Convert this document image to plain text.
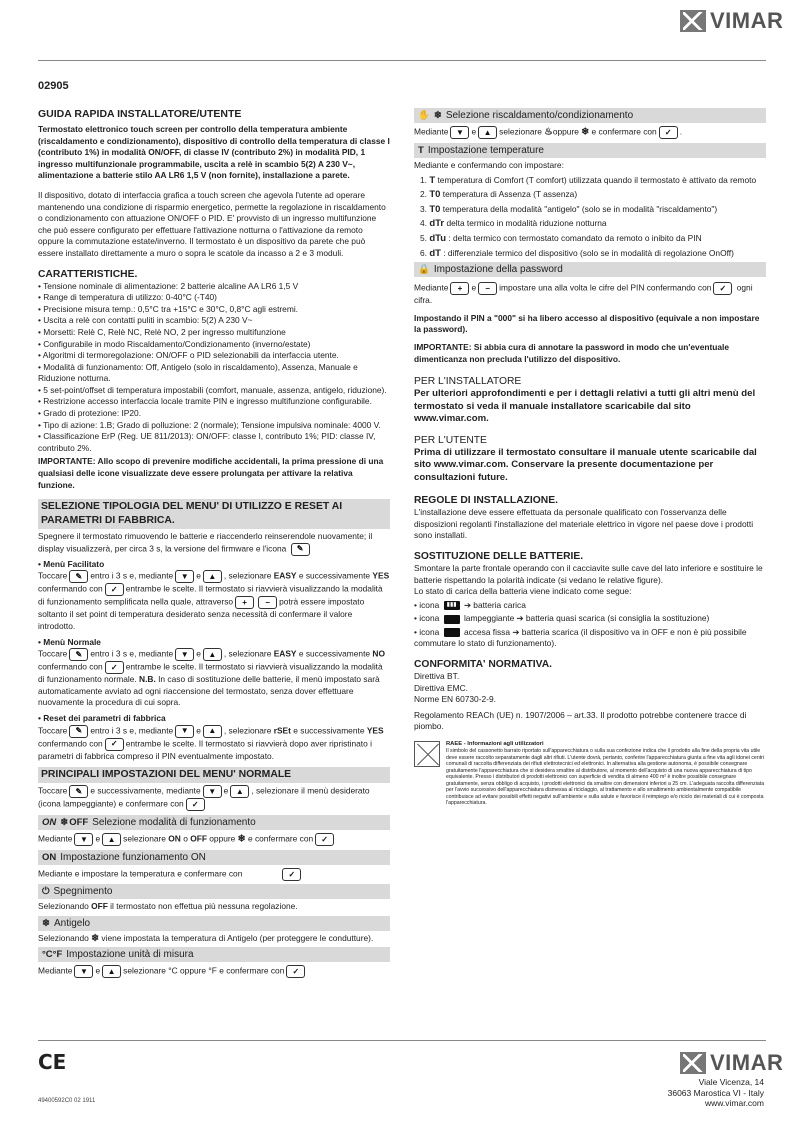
VIMAR
02905
GUIDA RAPIDA INSTALLATORE/UTENTE

Termostato elettronico touch screen per controllo della temperatura ambiente (riscaldamento e condizionamento), dispositivo di controllo della temperatura di classe I (contributo 1%) in modalità ON/OFF, di classe IV (contributo 2%) in modalità PID, 1 ingresso multifunzionale programmabile, uscita a relè in scambio 5(2) A 230 V~, alimentazione a batterie stilo AA LR6 1,5 V (non fornite), installazione a parete.

Il dispositivo, dotato di interfaccia grafica a touch screen che agevola l'utente ad operare mantenendo una condizione di risparmio energetico, permette la regolazione in riscaldamento o condizionamento con attuazione ON/OFF o PID. E' provvisto di un ingresso multifunzione che può essere configurato per effettuare l'attivazione notturna o l'attivazione da remoto oppure la commutazione estate/inverno. Il termostato è un dispositivo da parete che può essere installato direttamente a muro o sopra le scatole da incasso a 2 e 3 moduli.

CARATTERISTICHE.

• Tensione nominale di alimentazione: 2 batterie alcaline AA LR6 1,5 V

• Range di temperatura di utilizzo: 0-40°C (-T40)

• Precisione misura temp.: 0,5°C tra +15°C e 30°C, 0,8°C agli estremi.

• Uscita a relè con contatti puliti in scambio: 5(2) A 230 V~

• Morsetti: Relè C, Relè NC, Relè NO, 2 per ingresso multifunzione

• Configurabile in modo Riscaldamento/Condizionamento (inverno/estate)

• Algoritmi di termoregolazione: ON/OFF o PID selezionabili da interfaccia utente.

• Modalità di funzionamento: Off, Antigelo (solo in riscaldamento), Assenza, Manuale e Riduzione notturna.

• 5 set-point/offset di temperatura impostabili (comfort, manuale, assenza, antigelo, riduzione).

• Restrizione accesso interfaccia locale tramite PIN e ingresso multifunzione configurabile.

• Grado di protezione: IP20.

• Tipo di azione: 1.B; Grado di polluzione: 2 (normale); Tensione impulsiva nominale: 4000 V.

• Classificazione ErP (Reg. UE 811/2013): ON/OFF: classe I, contributo 1%; PID: classe IV, contributo 2%.

IMPORTANTE: Allo scopo di prevenire modifiche accidentali, la prima pressione di una qualsiasi delle icone visualizzate deve essere prolungata per attivare la relativa funzione.

SELEZIONE TIPOLOGIA DEL MENU' DI UTILIZZO E RESET AI PARAMETRI DI FABBRICA.

Spegnere il termostato rimuovendo le batterie e riaccenderlo reinserendole nuovamente; il display visualizzerà, per circa 3 s, la versione del firmware e l'icona ✎

• Menù Facilitato

Toccare ✎ entro i 3 s e, mediante ▼ e ▲ , selezionare EASY e successivamente YES confermando con ✓ entrambe le scelte. Il termostato si riavvierà visualizzando la modalità di funzionamento semplificata nella quale, attraverso + − potrà essere impostato

soltanto il set point di temperatura desiderato senza necessità di confermare il valore introdotto.

• Menù Normale

Toccare ✎ entro i 3 s e, mediante ▼ e ▲ , selezionare EASY e successivamente NO confermando con ✓ entrambe le scelte. Il termostato si riavvierà visualizzando la modalità di funzionamento normale. N.B. In caso di sostituzione delle batterie, il menù impostato sarà automaticamente avviato ad ogni riaccensione del termostato, senza dover effettuare nuovamente la procedura di cui sopra.

• Reset dei parametri di fabbrica

Toccare ✎ entro i 3 s e, mediante ▼ e ▲ , selezionare rSEt e successivamente YES confermando con ✓ entrambe le scelte. Il termostato si riavvierà dopo aver ripristinato i parametri di fabbrica compreso il PIN eventualmente impostato.

PRINCIPALI IMPOSTAZIONI DEL MENU' NORMALE

Toccare ✎ e successivamente, mediante ▼ e ▲ , selezionare il menù desiderato (icona lampeggiante) e confermare con ✓

ON ❄ OFF Selezione modalità di funzionamento

Mediante ▼ e ▲ selezionare ON o OFF oppure ❄ e confermare con ✓

ON Impostazione funzionamento ON

Mediante e impostare la temperatura e confermare con	✓

⏻ Spegnimento

Selezionando OFF il termostato non effettua più nessuna regolazione.

❄ Antigelo

Selezionando ❄ viene impostata la temperatura di Antigelo (per proteggere le condutture).

°C°F Impostazione unità di misura

Mediante ▼ e ▲ selezionare °C oppure °F e confermare con ✓

✋ ❄ Selezione riscaldamento/condizionamento

Mediante ▼ e ▲ selezionare ♨oppure ❄ e confermare con ✓ .

T Impostazione temperature

Mediante e confermando con impostare:

1. T temperatura di Comfort (T comfort) utilizzata quando il termostato è attivato da remoto

2. T0 temperatura di Assenza (T assenza)

3. T0 temperatura della modalità "antigelo" (solo se in modalità "riscaldamento")

4. dTr delta termico in modalità riduzione notturna

5. dTu : delta termico con termostato comandato da remoto o inibito da PIN

6. dT : differenziale termico del dispositivo (solo se in modalità di regolazione OnOff)

🔒 Impostazione della password

Mediante + e − impostare una alla volta le cifre del PIN confermando con ✓ ogni cifra.

Impostando il PIN a "000" si ha libero accesso al dispositivo (equivale a non impostare la password).

IMPORTANTE: Si abbia cura di annotare la password in modo che un'eventuale dimenticanza non precluda l'utilizzo del dispositivo.

PER L'INSTALLATORE

Per ulteriori approfondimenti e per i dettagli relativi a tutti gli altri menù del termostato si veda il manuale installatore scaricabile dal sito www.vimar.com.

PER L'UTENTE

Prima di utilizzare il termostato consultare il manuale utente scaricabile dal sito www.vimar.com. Conservare la presente documentazione per consultazioni future.

REGOLE DI INSTALLAZIONE.

L'installazione deve essere effettuata da personale qualificato con l'osservanza delle disposizioni regolanti l'installazione del materiale elettrico in vigore nel paese dove i prodotti sono installati.

SOSTITUZIONE DELLE BATTERIE.

Smontare la parte frontale operando con il cacciavite sulle cave del lato inferiore e sostituire le batterie rispettando la polarità indicate (si vedano le relative figure).

Lo stato di carica della batteria viene indicato come segue:

• icona ▮▮▮ ➔ batteria carica

• icona	lampeggiante ➔ batteria quasi scarica (si consiglia la sostituzione)

• icona	accesa fissa ➔ batteria scarica (il dispositivo va in OFF e non è più possibile commutare lo stato di funzionamento).

CONFORMITA' NORMATIVA.

Direttiva BT.

Direttiva EMC.

Norme EN 60730-2-9.

Regolamento REACh (UE) n. 1907/2006 – art.33. Il prodotto potrebbe contenere tracce di piombo.

RAEE - Informazioni agli utilizzatori
Il simbolo del cassonetto barrato riportato sull'apparecchiatura o sulla sua confezione indica che il prodotto alla fine della propria vita utile deve essere raccolto separatamente dagli altri rifiuti. L'utente dovrà, pertanto, conferire l'apparecchiatura giunta a fine vita agli idonei centri comunali di raccolta differenziata dei rifiuti elettrotecnici ed elettronici. In alternativa alla gestione autonoma, è possibile consegnare gratuitamente l'apparecchiatura che si desidera smaltire al distributore, al momento dell'acquisto di una nuova apparecchiatura di tipo equivalente. Presso i distributori di prodotti elettronici con superficie di vendita di almeno 400 m² è inoltre possibile consegnare gratuitamente, senza obbligo di acquisto, i prodotti elettronici da smaltire con dimensioni inferiori a 25 cm. L'adeguata raccolta differenziata per l'avvio successivo dell'apparecchiatura dismessa al riciclaggio, al trattamento e allo smaltimento ambientalmente compatibile contribuisce ad evitare possibili effetti negativi sull'ambiente e sulla salute e favorisce il reimpiego e/o riciclo dei materiali di cui è composta l'apparecchiatura.
CE	VIMAR
Viale Vicenza, 14
36063 Marostica VI - Italy
www.vimar.com
49400592C0 02 1911
